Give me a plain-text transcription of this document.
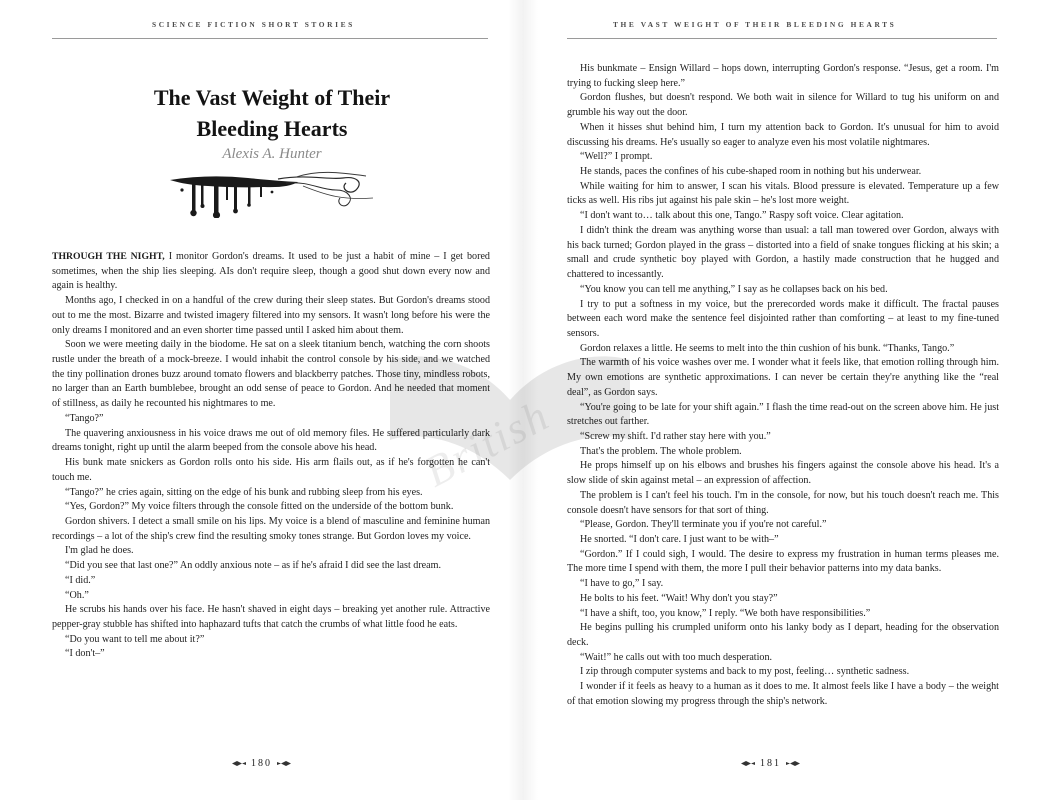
SCIENCE FICTION SHORT STORIES
The Vast Weight of Their
Bleeding Hearts
Alexis A. Hunter

THROUGH THE NIGHT, I monitor Gordon's dreams. It used to be just a habit of mine – I get bored sometimes, when the ship lies sleeping. AIs don't require sleep, though a good shut down every now and again is healthy.

Months ago, I checked in on a handful of the crew during their sleep states. But Gordon's dreams stood out to me the most. Bizarre and twisted imagery filtered into my sensors. It wasn't long before his were the only dreams I monitored and an even shorter time passed until I asked him about them.

Soon we were meeting daily in the biodome. He sat on a sleek titanium bench, watching the corn shoots rustle under the breath of a mock-breeze. I would inhabit the control console by his side, and we watched the tiny pollination drones buzz around tomato flowers and blackberry patches. Those tiny, mindless robots, no larger than an Earth bumblebee, brought an odd sense of peace to Gordon. And he needed that moment of stillness, as daily he recounted his nightmares to me.

“Tango?”

The quavering anxiousness in his voice draws me out of old memory files. He suffered particularly dark dreams tonight, right up until the alarm beeped from the console above his head.

His bunk mate snickers as Gordon rolls onto his side. His arm flails out, as if he's forgotten he can't touch me.

“Tango?” he cries again, sitting on the edge of his bunk and rubbing sleep from his eyes.

“Yes, Gordon?” My voice filters through the console fitted on the underside of the bottom bunk.

Gordon shivers. I detect a small smile on his lips. My voice is a blend of masculine and feminine human recordings – a lot of the ship's crew find the resulting smoky tones strange. But Gordon loves my voice.

I'm glad he does.

“Did you see that last one?” An oddly anxious note – as if he's afraid I did see the last dream.

“I did.”

“Oh.”

He scrubs his hands over his face. He hasn't shaved in eight days – breaking yet another rule. Attractive pepper-gray stubble has shifted into haphazard tufts that catch the crumbs of what little food he eats.

“Do you want to tell me about it?”

“I don't–”

180
THE VAST WEIGHT OF THEIR BLEEDING HEARTS

His bunkmate – Ensign Willard – hops down, interrupting Gordon's response. “Jesus, get a room. I'm trying to fucking sleep here.”

Gordon flushes, but doesn't respond. We both wait in silence for Willard to tug his uniform on and grumble his way out the door.

When it hisses shut behind him, I turn my attention back to Gordon. It's unusual for him to avoid discussing his dreams. He's usually so eager to analyze even his most volatile nightmares.

“Well?” I prompt.

He stands, paces the confines of his cube-shaped room in nothing but his underwear.

While waiting for him to answer, I scan his vitals. Blood pressure is elevated. Temperature up a few ticks as well. His ribs jut against his pale skin – he's lost more weight.

“I don't want to… talk about this one, Tango.” Raspy soft voice. Clear agitation.

I didn't think the dream was anything worse than usual: a tall man towered over Gordon, always with his back turned; Gordon played in the grass – distorted into a field of snake tongues flicking at his skin; a small and crude synthetic boy played with Gordon, a hastily made construction that he hugged and chattered to incessantly.

“You know you can tell me anything,” I say as he collapses back on his bed.

I try to put a softness in my voice, but the prerecorded words make it difficult. The fractal pauses between each word make the sentence feel disjointed rather than comforting – at least to my fine-tuned sensors.

Gordon relaxes a little. He seems to melt into the thin cushion of his bunk. “Thanks, Tango.”

The warmth of his voice washes over me. I wonder what it feels like, that emotion rolling through him. My own emotions are synthetic approximations. I can never be certain they're anything like the “real deal”, as Gordon says.

“You're going to be late for your shift again.” I flash the time read-out on the screen above him. He just stretches out farther.

“Screw my shift. I'd rather stay here with you.”

That's the problem. The whole problem.

He props himself up on his elbows and brushes his fingers against the console above his head. It's a slow slide of skin against metal – an expression of affection.

The problem is I can't feel his touch. I'm in the console, for now, but his touch doesn't reach me. This console doesn't have sensors for that sort of thing.

“Please, Gordon. They'll terminate you if you're not careful.”

He snorted. “I don't care. I just want to be with–”

“Gordon.” If I could sigh, I would. The desire to express my frustration in human terms pleases me. The more time I spend with them, the more I pull their behavior patterns into my data banks.

“I have to go,” I say.

He bolts to his feet. “Wait! Why don't you stay?”

“I have a shift, too, you know,” I reply. “We both have responsibilities.”

He begins pulling his crumpled uniform onto his lanky body as I depart, heading for the observation deck.

“Wait!” he calls out with too much desperation.

I zip through computer systems and back to my post, feeling… synthetic sadness.

I wonder if it feels as heavy to a human as it does to me. It almost feels like I have a body – the weight of that emotion slowing my progress through the ship's network.

181
British
